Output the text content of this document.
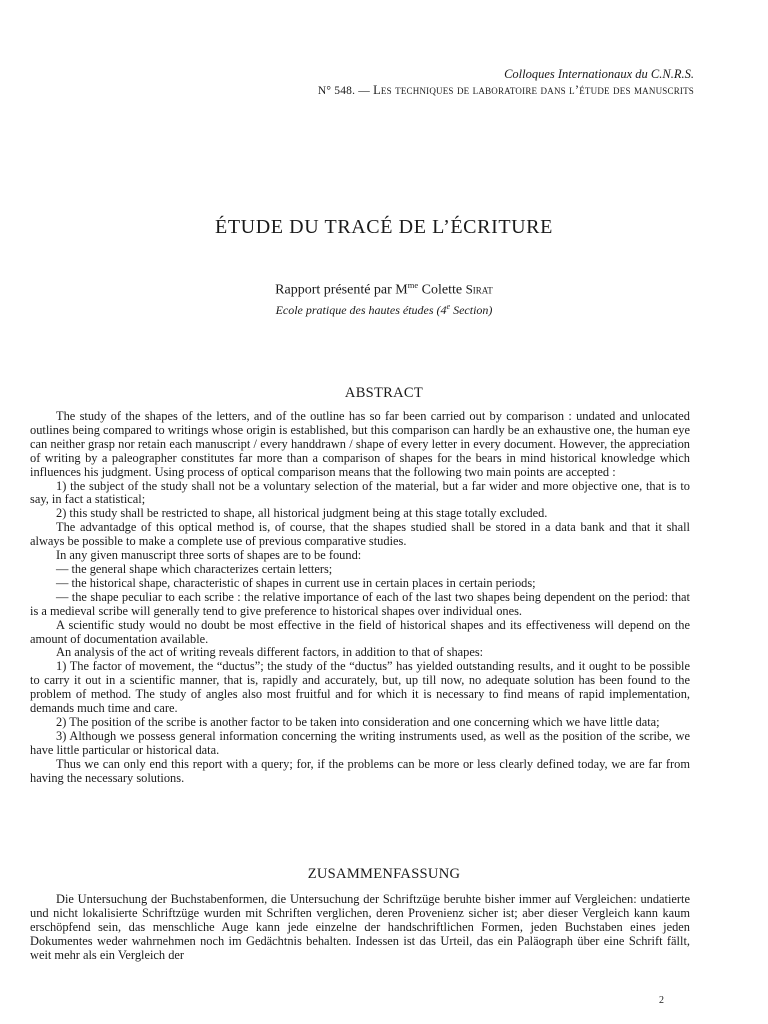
Colloques Internationaux du C.N.R.S.
N° 548. — Les techniques de laboratoire dans l’étude des manuscrits
ÉTUDE DU TRACÉ DE L’ÉCRITURE
Rapport présenté par $M^{me}$ Colette Sirat
Ecole pratique des hautes études (4e Section)
ABSTRACT

The study of the shapes of the letters, and of the outline has so far been carried out by comparison : undated and unlocated outlines being compared to writings whose origin is established, but this comparison can hardly be an exhaustive one, the human eye can neither grasp nor retain each manuscript / every handdrawn / shape of every letter in every document. However, the appreciation of writing by a paleographer constitutes far more than a comparison of shapes for the bears in mind historical knowledge which influences his judgment. Using process of optical comparison means that the following two main points are accepted :

1) the subject of the study shall not be a voluntary selection of the material, but a far wider and more objective one, that is to say, in fact a statistical;

2) this study shall be restricted to shape, all historical judgment being at this stage totally excluded.

The advantadge of this optical method is, of course, that the shapes studied shall be stored in a data bank and that it shall always be possible to make a complete use of previous comparative studies.

In any given manuscript three sorts of shapes are to be found:

— the general shape which characterizes certain letters;

— the historical shape, characteristic of shapes in current use in certain places in certain periods;

— the shape peculiar to each scribe : the relative importance of each of the last two shapes being dependent on the period: that is a medieval scribe will generally tend to give preference to historical shapes over individual ones.

A scientific study would no doubt be most effective in the field of historical shapes and its effectiveness will depend on the amount of documentation available.

An analysis of the act of writing reveals different factors, in addition to that of shapes:

1) The factor of movement, the “ductus”; the study of the “ductus” has yielded outstanding results, and it ought to be possible to carry it out in a scientific manner, that is, rapidly and accurately, but, up till now, no adequate solution has been found to the problem of method. The study of angles also most fruitful and for which it is necessary to find means of rapid implementation, demands much time and care.

2) The position of the scribe is another factor to be taken into consideration and one concerning which we have little data;

3) Although we possess general information concerning the writing instruments used, as well as the position of the scribe, we have little particular or historical data.

Thus we can only end this report with a query; for, if the problems can be more or less clearly defined today, we are far from having the necessary solutions.

ZUSAMMENFASSUNG

Die Untersuchung der Buchstabenformen, die Untersuchung der Schriftzüge beruhte bisher immer auf Vergleichen: undatierte und nicht lokalisierte Schriftzüge wurden mit Schriften verglichen, deren Provenienz sicher ist; aber dieser Vergleich kann kaum erschöpfend sein, das menschliche Auge kann jede einzelne der handschriftlichen Formen, jeden Buchstaben eines jeden Dokumentes weder wahrnehmen noch im Gedächtnis behalten. Indessen ist das Urteil, das ein Paläograph über eine Schrift fällt, weit mehr als ein Vergleich der

2
